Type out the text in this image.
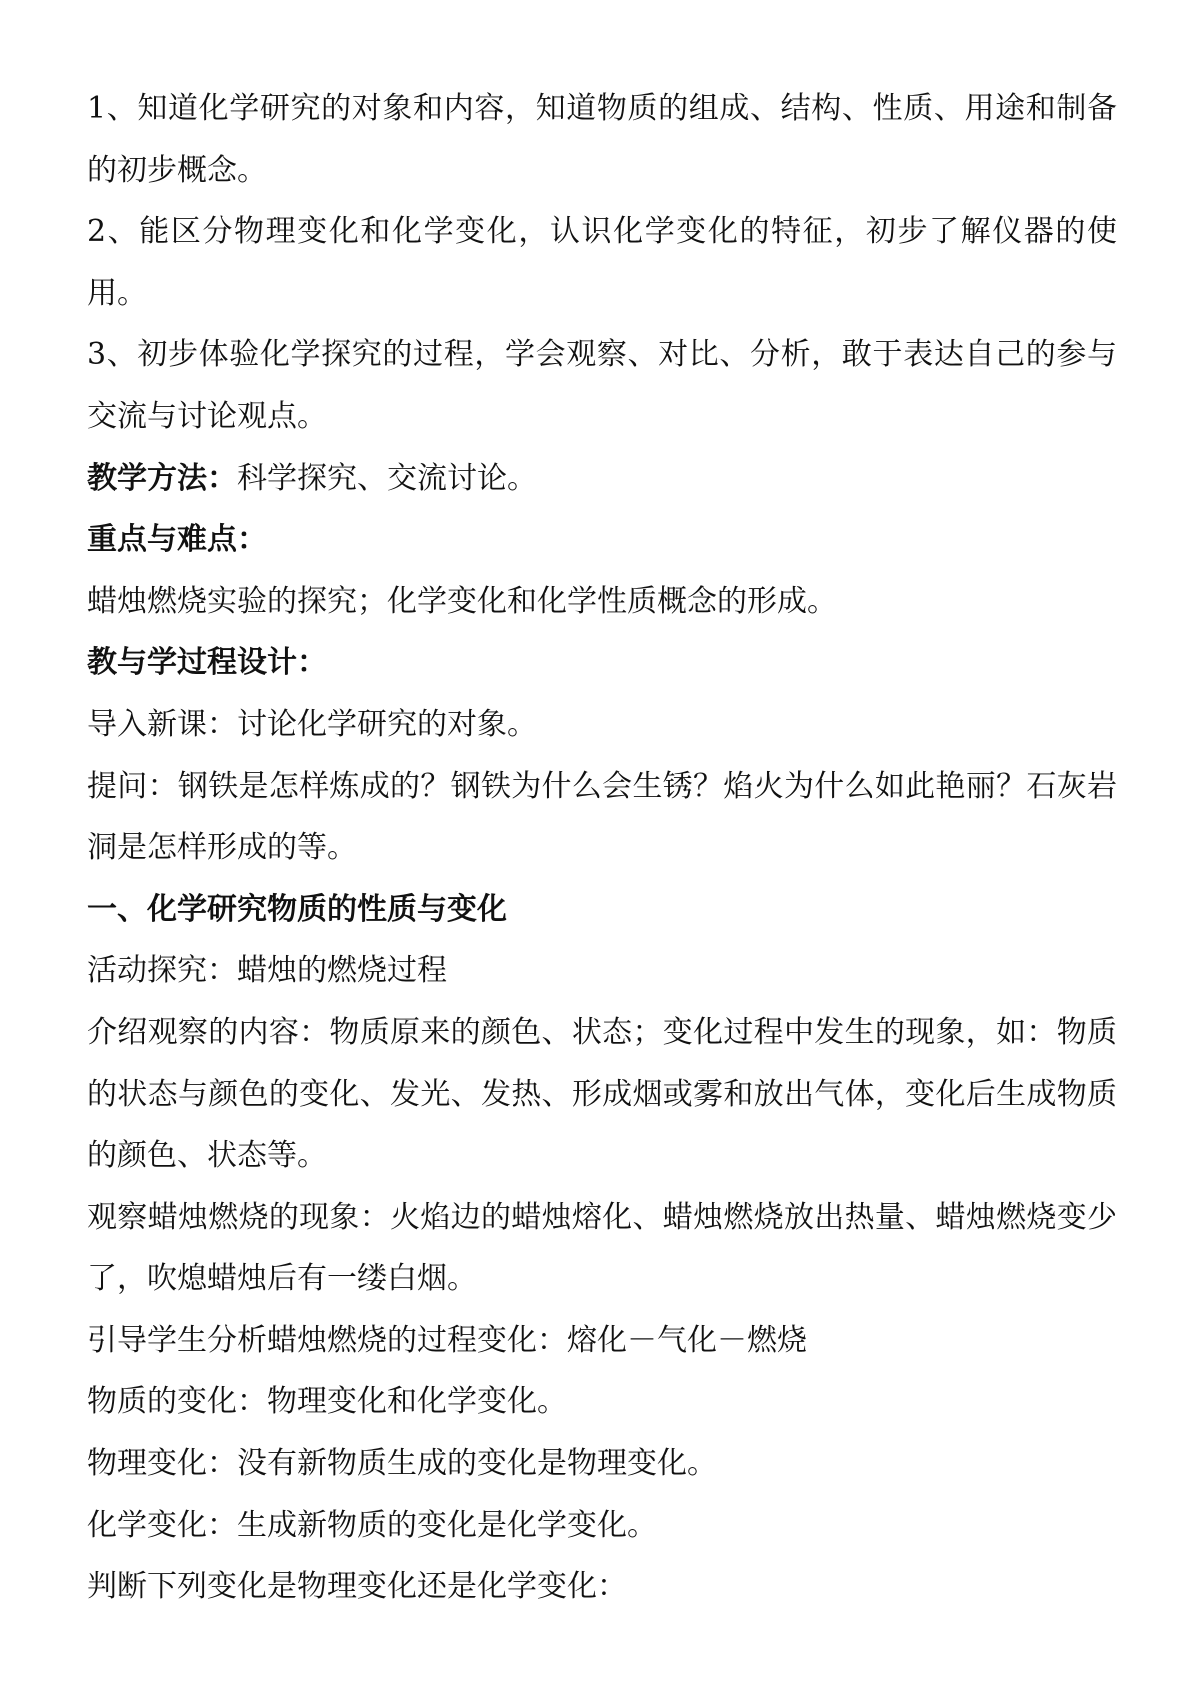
1、知道化学研究的对象和内容，知道物质的组成、结构、性质、用途和制备的初步概念。

2、能区分物理变化和化学变化，认识化学变化的特征，初步了解仪器的使用。

3、初步体验化学探究的过程，学会观察、对比、分析，敢于表达自己的参与交流与讨论观点。

教学方法：科学探究、交流讨论。

重点与难点：

蜡烛燃烧实验的探究；化学变化和化学性质概念的形成。

教与学过程设计：

导入新课：讨论化学研究的对象。

提问：钢铁是怎样炼成的？钢铁为什么会生锈？焰火为什么如此艳丽？石灰岩洞是怎样形成的等。

一、化学研究物质的性质与变化

活动探究：蜡烛的燃烧过程

介绍观察的内容：物质原来的颜色、状态；变化过程中发生的现象，如：物质的状态与颜色的变化、发光、发热、形成烟或雾和放出气体，变化后生成物质的颜色、状态等。

观察蜡烛燃烧的现象：火焰边的蜡烛熔化、蜡烛燃烧放出热量、蜡烛燃烧变少了，吹熄蜡烛后有一缕白烟。

引导学生分析蜡烛燃烧的过程变化：熔化－气化－燃烧

物质的变化：物理变化和化学变化。

物理变化：没有新物质生成的变化是物理变化。

化学变化：生成新物质的变化是化学变化。

判断下列变化是物理变化还是化学变化：
